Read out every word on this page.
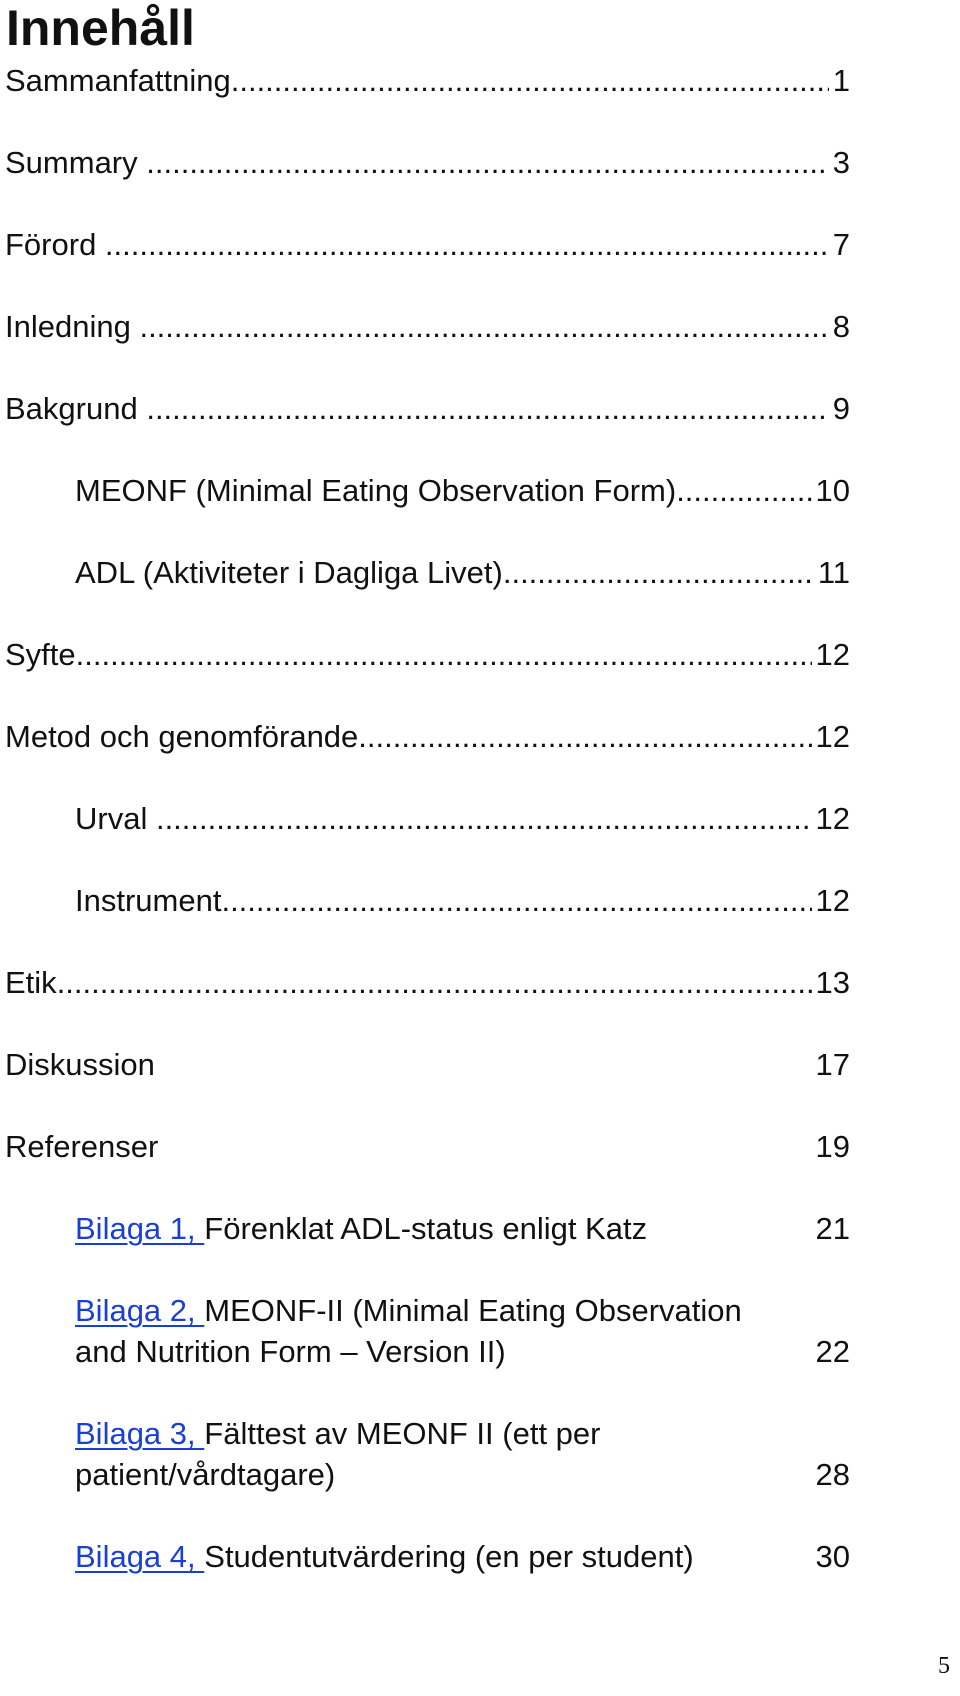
Innehåll
Sammanfattning .....	1
Summary .....	3
Förord .....	7
Inledning .....	8
Bakgrund .....	9
MEONF (Minimal Eating Observation Form) .....	10
ADL (Aktiviteter i Dagliga Livet) .....	11
Syfte .....	12
Metod och genomförande .....	12
Urval .....	12
Instrument .....	12
Etik .....	13
Diskussion	17
Referenser	19
Bilaga 1, Förenklat ADL-status enligt Katz	21
Bilaga 2, MEONF-II (Minimal Eating Observation and Nutrition Form – Version II)	22
Bilaga 3, Fälttest av MEONF II (ett per patient/vårdtagare)	28
Bilaga 4, Studentutvärdering (en per student)	30
5
